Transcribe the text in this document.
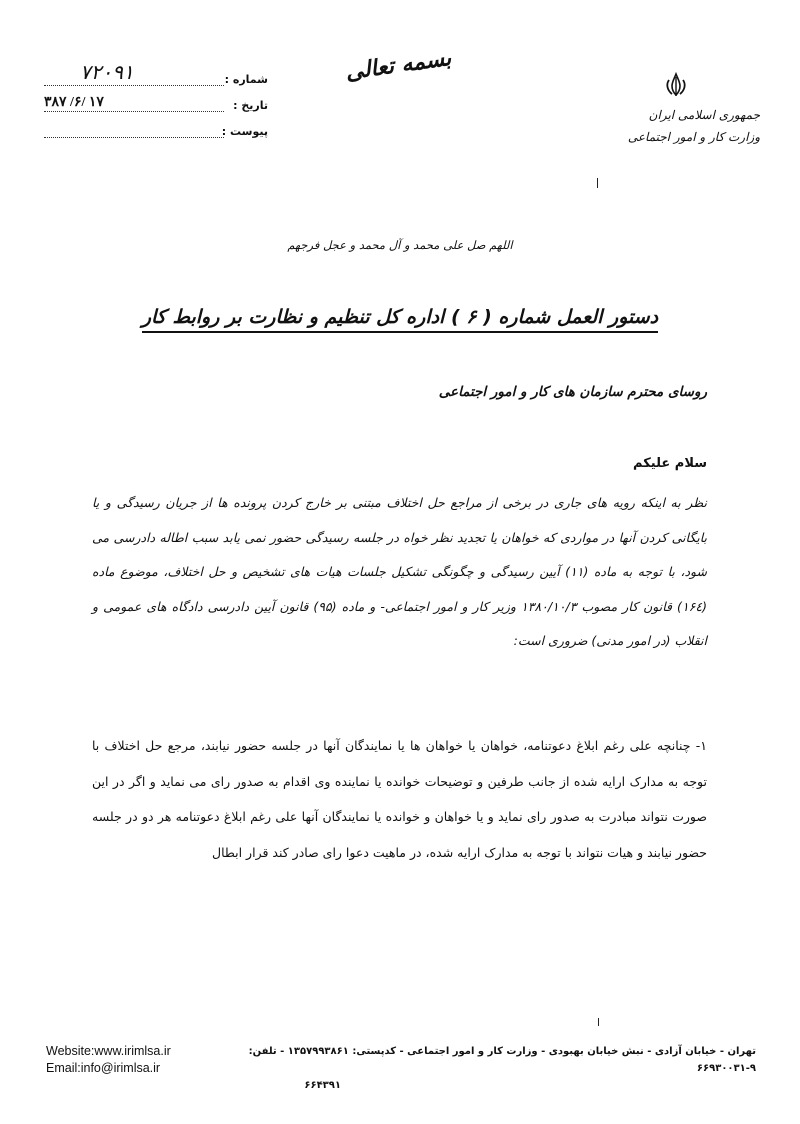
شماره :
۷۲۰۹۱
تاریخ :
۳۸۷ /۶/ ۱۷
پیوست :
بسمه تعالی
جمهوری اسلامی ایران
وزارت کار و امور اجتماعی
اللهم صل علی محمد و آل محمد و عجل فرجهم
دستور العمل شماره ( ۶ ) اداره کل تنظیم و نظارت بر روابط کار
روسای محترم سازمان های کار و امور اجتماعی
سلام علیکم
نظر به اینکه رویه های جاری در برخی از مراجع حل اختلاف مبتنی بر خارج کردن پرونده ها از جریان رسیدگی و یا بایگانی کردن آنها در مواردی که خواهان یا تجدید نظر خواه در جلسه رسیدگی حضور نمی یابد سبب اطاله دادرسی می شود، با توجه به ماده (۱۱) آیین رسیدگی و چگونگی تشکیل جلسات هیات های تشخیص و حل اختلاف، موضوع ماده (۱۶٤) قانون کار مصوب ۱۳۸۰/۱۰/۳ وزیر کار و امور اجتماعی- و ماده (۹۵) قانون آیین دادرسی دادگاه های عمومی و انقلاب (در امور مدنی) ضروری است:
۱- چنانچه علی رغم ابلاغ دعوتنامه، خواهان یا خواهان ها یا نمایندگان آنها در جلسه حضور نیابند، مرجع حل اختلاف با توجه به مدارک ارایه شده از جانب طرفین و توضیحات خوانده یا نماینده وی اقدام به صدور رای می نماید و اگر در این صورت نتواند مبادرت به صدور رای نماید و یا خواهان و خوانده یا نمایندگان آنها علی رغم ابلاغ دعوتنامه هر دو در جلسه حضور نیابند و هیات نتواند با توجه به مدارک ارایه شده، در ماهیت دعوا رای صادر کند قرار ابطال
Website:www.irimlsa.ir
Email:info@irimlsa.ir
تهران - خیابان آزادی - نبش خیابان بهبودی - وزارت کار و امور اجتماعی - کدپستی: ۱۳۵۷۹۹۳۸۶۱ - تلفن: ۹-۶۶۹۳۰۰۳۱
۶۶۴۳۹۱
